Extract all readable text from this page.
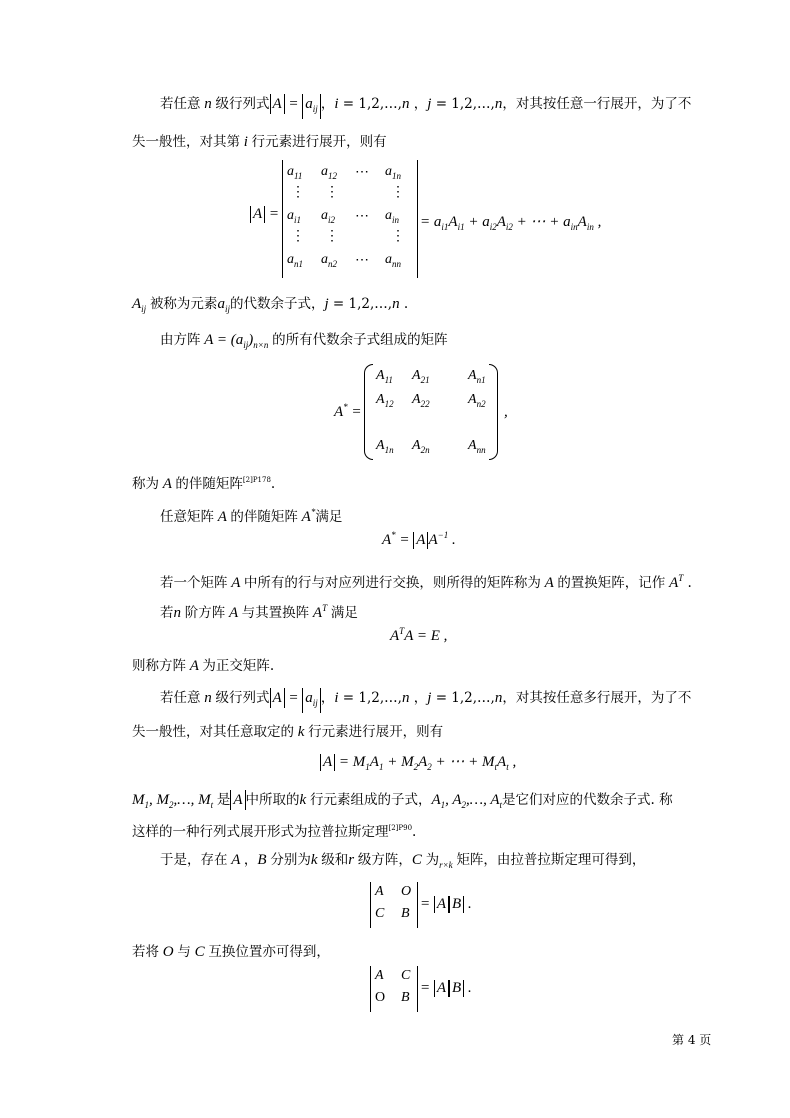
若任意 n 级行列式 $A = a_{ij}$ ，i = 1,2,…,n ，j = 1,2,…,n，对其按任意一行展开，为了不
失一般性，对其第 i 行元素进行展开，则有
A =
$a_{11}$ $a_{12}$ ⋯ $a_{1n}$
⋮ ⋮	⋮
$a_{i1}$ $a_{i2}$ ⋯ $a_{in}$
⋮ ⋮	⋮
$a_{n1}$ $a_{n2}$ ⋯ $a_{nn}$
= $a_{i1}A_{i1} + a_{i2}A_{i2}$ + ⋯ + $a_{in}A_{in}$ ,
$A_{ij}$ 被称为元素$a_{ij}$的代数余子式，j = 1,2,…,n .
由方阵 $A = (a_{ij})_{n\times n}$ 的所有代数余子式组成的矩阵
A* =
$A_{11}$ $A_{21}$	$A_{n1}$
$A_{12}$ $A_{22}$	$A_{n2}$
$A_{1n}$ $A_{2n}$	$A_{nn}$
,
称为 A 的伴随矩阵$^{[2]P178}$.
任意矩阵 A 的伴随矩阵 A*满足
A* = A $A^{-1}$ .
若一个矩阵 A 中所有的行与对应列进行交换，则所得的矩阵称为 A 的置换矩阵，记作 $A^T$ .
若n 阶方阵 A 与其置换阵 $A^T$ 满足
$A^TA = E$ ,
则称方阵 A 为正交矩阵.
若任意 n 级行列式 $A = a_{ij}$ ，i = 1,2,…,n ，j = 1,2,…,n，对其按任意多行展开，为了不
失一般性，对其任意取定的 k 行元素进行展开，则有
$A = M_1A_1 + M_2A_2$ + ⋯ + $M_tA_t$ ,
$M_1$, $M_2,\dots$, $M_t$ 是 A 中所取的k 行元素组成的子式，$A_1$, $A_2,\dots$, $A_t$是它们对应的代数余子式. 称
这样的一种行列式展开形式为拉普拉斯定理$^{[2]P90}$.
于是，存在 A ，B 分别为k 级和r 级方阵，C 为$_{r\times k}$ 矩阵，由拉普拉斯定理可得到，
A O
C B
= A B .
若将 O 与 C 互换位置亦可得到，
A C
O B
= A B .
第 4 页
